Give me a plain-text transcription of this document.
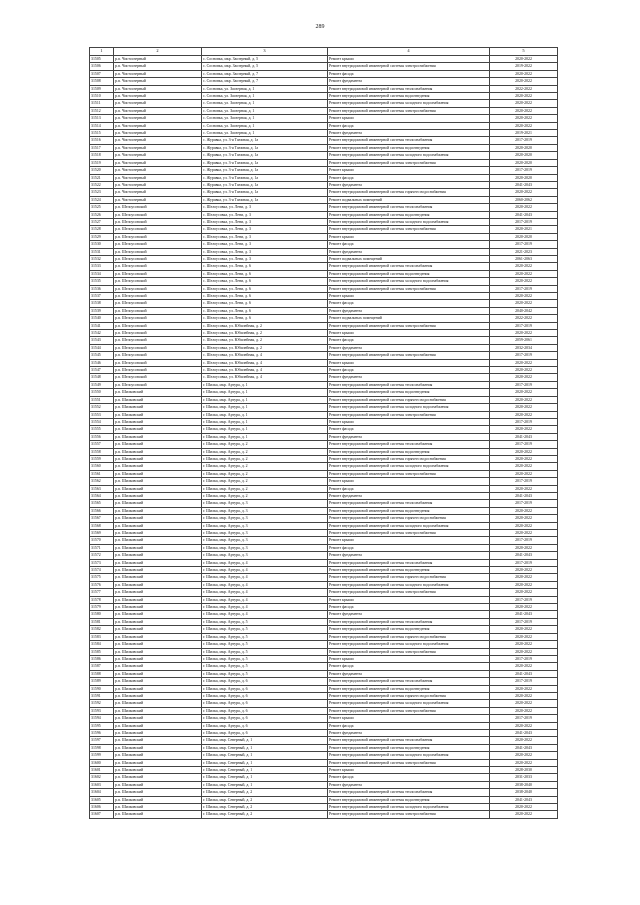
289
1	2	3	4	5
31505	р.п. Чистоозерный	с. Сосновка, мкр. Заозерный, д. 5	Ремонт крыши	2020-2022
31506	р.п. Чистоозерный	с. Сосновка, мкр. Заозерный, д. 5	Ремонт внутридомовой инженерной системы электроснабжения	2019-2022
31507	р.п. Чистоозерный	с. Сосновка, мкр. Заозерный, д. 7	Ремонт фасада	2020-2022
31508	р.п. Чистоозерный	с. Сосновка, мкр. Заозерный, д. 7	Ремонт фундамента	2020-2022
31509	р.п. Чистоозерный	с. Сосновка, ул. Заозерная, д. 1	Ремонт внутридомовой инженерной системы теплоснабжения	2022-2022
31510	р.п. Чистоозерный	с. Сосновка, ул. Заозерная, д. 1	Ремонт внутридомовой инженерной системы водоотведения	2020-2022
31511	р.п. Чистоозерный	с. Сосновка, ул. Заозерная, д. 1	Ремонт внутридомовой инженерной системы холодного водоснабжения	2020-2022
31512	р.п. Чистоозерный	с. Сосновка, ул. Заозерная, д. 1	Ремонт внутридомовой инженерной системы электроснабжения	2020-2022
31513	р.п. Чистоозерный	с. Сосновка, ул. Заозерная, д. 1	Ремонт крыши	2020-2022
31514	р.п. Чистоозерный	с. Сосновка, ул. Заозерная, д. 1	Ремонт фасада	2020-2022
31515	р.п. Чистоозерный	с. Сосновка, ул. Заозерная, д. 1	Ремонт фундамента	2019-2021
31516	р.п. Чистоозерный	с. Журавка, ул. 3-я Таежная, д. 1а	Ремонт внутридомовой инженерной системы теплоснабжения	2017-2019
31517	р.п. Чистоозерный	с. Журавка, ул. 3-я Таежная, д. 1а	Ремонт внутридомовой инженерной системы водоотведения	2020-2020
31518	р.п. Чистоозерный	с. Журавка, ул. 3-я Таежная, д. 1а	Ремонт внутридомовой инженерной системы холодного водоснабжения	2020-2020
31519	р.п. Чистоозерный	с. Журавка, ул. 3-я Таежная, д. 1а	Ремонт внутридомовой инженерной системы электроснабжения	2020-2020
31520	р.п. Чистоозерный	с. Журавка, ул. 3-я Таежная, д. 1а	Ремонт крыши	2017-2019
31521	р.п. Чистоозерный	с. Журавка, ул. 3-я Таежная, д. 1а	Ремонт фасада	2020-2020
31522	р.п. Чистоозерный	с. Журавка, ул. 3-я Таежная, д. 1а	Ремонт фундамента	2041-2043
31523	р.п. Чистоозерный	с. Журавка, ул. 3-я Таежная, д. 1а	Ремонт внутридомовой инженерной системы горячего водоснабжения	2020-2022
31524	р.п. Чистоозерный	с. Журавка, ул. 3-я Таежная, д. 1а	Ремонт подвальных помещений	2060-2062
31525	р.п. Шелоусовский	с. Шелоусовка, ул. Лени, д. 3	Ремонт внутридомовой инженерной системы теплоснабжения	2020-2022
31526	р.п. Шелоусовский	с. Шелоусовка, ул. Лени, д. 3	Ремонт внутридомовой инженерной системы водоотведения	2041-2043
31527	р.п. Шелоусовский	с. Шелоусовка, ул. Лени, д. 3	Ремонт внутридомовой инженерной системы холодного водоснабжения	2017-2019
31528	р.п. Шелоусовский	с. Шелоусовка, ул. Лени, д. 3	Ремонт внутридомовой инженерной системы электроснабжения	2020-2021
31529	р.п. Шелоусовский	с. Шелоусовка, ул. Лени, д. 3	Ремонт крыши	2020-2020
31530	р.п. Шелоусовский	с. Шелоусовка, ул. Лени, д. 3	Ремонт фасада	2017-2019
31531	р.п. Шелоусовский	с. Шелоусовка, ул. Лени, д. 3	Ремонт фундамента	2021-2023
31532	р.п. Шелоусовский	с. Шелоусовка, ул. Лени, д. 3	Ремонт подвальных помещений	2061-2063
31533	р.п. Шелоусовский	с. Шелоусовка, ул. Лени, д. 6	Ремонт внутридомовой инженерной системы теплоснабжения	2020-2022
31534	р.п. Шелоусовский	с. Шелоусовка, ул. Лени, д. 6	Ремонт внутридомовой инженерной системы водоотведения	2020-2022
31535	р.п. Шелоусовский	с. Шелоусовка, ул. Лени, д. 6	Ремонт внутридомовой инженерной системы холодного водоснабжения	2020-2022
31536	р.п. Шелоусовский	с. Шелоусовка, ул. Лени, д. 6	Ремонт внутридомовой инженерной системы электроснабжения	2017-2019
31537	р.п. Шелоусовский	с. Шелоусовка, ул. Лени, д. 6	Ремонт крыши	2020-2022
31538	р.п. Шелоусовский	с. Шелоусовка, ул. Лени, д. 6	Ремонт фасада	2020-2022
31539	р.п. Шелоусовский	с. Шелоусовка, ул. Лени, д. 6	Ремонт фундамента	2040-2042
31540	р.п. Шелоусовский	с. Шелоусовка, ул. Лени, д. 6	Ремонт подвальных помещений	2022-2022
31541	р.п. Шелоусовский	с. Шелоусовка, ул. Юбилейная, д. 2	Ремонт внутридомовой инженерной системы электроснабжения	2017-2019
31542	р.п. Шелоусовский	с. Шелоусовка, ул. Юбилейная, д. 2	Ремонт крыши	2020-2022
31543	р.п. Шелоусовский	с. Шелоусовка, ул. Юбилейная, д. 2	Ремонт фасада	2059-2061
31544	р.п. Шелоусовский	с. Шелоусовка, ул. Юбилейная, д. 2	Ремонт фундамента	2032-2034
31545	р.п. Шелоусовский	с. Шелоусовка, ул. Юбилейная, д. 4	Ремонт внутридомовой инженерной системы электроснабжения	2017-2019
31546	р.п. Шелоусовский	с. Шелоусовка, ул. Юбилейная, д. 4	Ремонт крыши	2020-2022
31547	р.п. Шелоусовский	с. Шелоусовка, ул. Юбилейная, д. 4	Ремонт фасада	2020-2022
31548	р.п. Шелоусовский	с. Шелоусовка, ул. Юбилейная, д. 4	Ремонт фундамента	2020-2022
31549	р.п. Шелоусовский	г. Шилка, мкр. Артура, д. 1	Ремонт внутридомовой инженерной системы теплоснабжения	2017-2019
31550	р.п. Шилковский	г. Шилка, мкр. Артура, д. 1	Ремонт внутридомовой инженерной системы водоотведения	2020-2022
31551	р.п. Шилковский	г. Шилка, мкр. Артура, д. 1	Ремонт внутридомовой инженерной системы горячего водоснабжения	2020-2022
31552	р.п. Шилковский	г. Шилка, мкр. Артура, д. 1	Ремонт внутридомовой инженерной системы холодного водоснабжения	2020-2022
31553	р.п. Шилковский	г. Шилка, мкр. Артура, д. 1	Ремонт внутридомовой инженерной системы электроснабжения	2020-2022
31554	р.п. Шилковский	г. Шилка, мкр. Артура, д. 1	Ремонт крыши	2017-2019
31555	р.п. Шилковский	г. Шилка, мкр. Артура, д. 1	Ремонт фасада	2020-2022
31556	р.п. Шилковский	г. Шилка, мкр. Артура, д. 1	Ремонт фундамента	2041-2043
31557	р.п. Шилковский	г. Шилка, мкр. Артура, д. 2	Ремонт внутридомовой инженерной системы теплоснабжения	2017-2019
31558	р.п. Шилковский	г. Шилка, мкр. Артура, д. 2	Ремонт внутридомовой инженерной системы водоотведения	2020-2022
31559	р.п. Шилковский	г. Шилка, мкр. Артура, д. 2	Ремонт внутридомовой инженерной системы горячего водоснабжения	2020-2022
31560	р.п. Шилковский	г. Шилка, мкр. Артура, д. 2	Ремонт внутридомовой инженерной системы холодного водоснабжения	2020-2022
31561	р.п. Шилковский	г. Шилка, мкр. Артура, д. 2	Ремонт внутридомовой инженерной системы электроснабжения	2020-2022
31562	р.п. Шилковский	г. Шилка, мкр. Артура, д. 2	Ремонт крыши	2017-2019
31563	р.п. Шилковский	г. Шилка, мкр. Артура, д. 2	Ремонт фасада	2020-2022
31564	р.п. Шилковский	г. Шилка, мкр. Артура, д. 2	Ремонт фундамента	2041-2043
31565	р.п. Шилковский	г. Шилка, мкр. Артура, д. 3	Ремонт внутридомовой инженерной системы теплоснабжения	2017-2019
31566	р.п. Шилковский	г. Шилка, мкр. Артура, д. 3	Ремонт внутридомовой инженерной системы водоотведения	2020-2022
31567	р.п. Шилковский	г. Шилка, мкр. Артура, д. 3	Ремонт внутридомовой инженерной системы горячего водоснабжения	2020-2022
31568	р.п. Шилковский	г. Шилка, мкр. Артура, д. 3	Ремонт внутридомовой инженерной системы холодного водоснабжения	2020-2022
31569	р.п. Шилковский	г. Шилка, мкр. Артура, д. 3	Ремонт внутридомовой инженерной системы электроснабжения	2020-2022
31570	р.п. Шилковский	г. Шилка, мкр. Артура, д. 3	Ремонт крыши	2017-2019
31571	р.п. Шилковский	г. Шилка, мкр. Артура, д. 3	Ремонт фасада	2020-2022
31572	р.п. Шилковский	г. Шилка, мкр. Артура, д. 3	Ремонт фундамента	2041-2043
31573	р.п. Шилковский	г. Шилка, мкр. Артура, д. 4	Ремонт внутридомовой инженерной системы теплоснабжения	2017-2019
31574	р.п. Шилковский	г. Шилка, мкр. Артура, д. 4	Ремонт внутридомовой инженерной системы водоотведения	2020-2022
31575	р.п. Шилковский	г. Шилка, мкр. Артура, д. 4	Ремонт внутридомовой инженерной системы горячего водоснабжения	2020-2022
31576	р.п. Шилковский	г. Шилка, мкр. Артура, д. 4	Ремонт внутридомовой инженерной системы холодного водоснабжения	2020-2022
31577	р.п. Шилковский	г. Шилка, мкр. Артура, д. 4	Ремонт внутридомовой инженерной системы электроснабжения	2020-2022
31578	р.п. Шилковский	г. Шилка, мкр. Артура, д. 4	Ремонт крыши	2017-2019
31579	р.п. Шилковский	г. Шилка, мкр. Артура, д. 4	Ремонт фасада	2020-2022
31580	р.п. Шилковский	г. Шилка, мкр. Артура, д. 4	Ремонт фундамента	2041-2043
31581	р.п. Шилковский	г. Шилка, мкр. Артура, д. 5	Ремонт внутридомовой инженерной системы теплоснабжения	2017-2019
31582	р.п. Шилковский	г. Шилка, мкр. Артура, д. 5	Ремонт внутридомовой инженерной системы водоотведения	2020-2022
31583	р.п. Шилковский	г. Шилка, мкр. Артура, д. 5	Ремонт внутридомовой инженерной системы горячего водоснабжения	2020-2022
31584	р.п. Шилковский	г. Шилка, мкр. Артура, д. 5	Ремонт внутридомовой инженерной системы холодного водоснабжения	2020-2022
31585	р.п. Шилковский	г. Шилка, мкр. Артура, д. 5	Ремонт внутридомовой инженерной системы электроснабжения	2020-2022
31586	р.п. Шилковский	г. Шилка, мкр. Артура, д. 5	Ремонт крыши	2017-2019
31587	р.п. Шилковский	г. Шилка, мкр. Артура, д. 5	Ремонт фасада	2020-2022
31588	р.п. Шилковский	г. Шилка, мкр. Артура, д. 5	Ремонт фундамента	2041-2043
31589	р.п. Шилковский	г. Шилка, мкр. Артура, д. 6	Ремонт внутридомовой инженерной системы теплоснабжения	2017-2019
31590	р.п. Шилковский	г. Шилка, мкр. Артура, д. 6	Ремонт внутридомовой инженерной системы водоотведения	2020-2022
31591	р.п. Шилковский	г. Шилка, мкр. Артура, д. 6	Ремонт внутридомовой инженерной системы горячего водоснабжения	2020-2022
31592	р.п. Шилковский	г. Шилка, мкр. Артура, д. 6	Ремонт внутридомовой инженерной системы холодного водоснабжения	2020-2022
31593	р.п. Шилковский	г. Шилка, мкр. Артура, д. 6	Ремонт внутридомовой инженерной системы электроснабжения	2020-2022
31594	р.п. Шилковский	г. Шилка, мкр. Артура, д. 6	Ремонт крыши	2017-2019
31595	р.п. Шилковский	г. Шилка, мкр. Артура, д. 6	Ремонт фасада	2020-2022
31596	р.п. Шилковский	г. Шилка, мкр. Артура, д. 6	Ремонт фундамента	2041-2043
31597	р.п. Шилковский	г. Шилка, мкр. Северный, д. 1	Ремонт внутридомовой инженерной системы теплоснабжения	2020-2022
31598	р.п. Шилковский	г. Шилка, мкр. Северный, д. 1	Ремонт внутридомовой инженерной системы водоотведения	2041-2043
31599	р.п. Шилковский	г. Шилка, мкр. Северный, д. 1	Ремонт внутридомовой инженерной системы холодного водоснабжения	2020-2022
31600	р.п. Шилковский	г. Шилка, мкр. Северный, д. 1	Ремонт внутридомовой инженерной системы электроснабжения	2020-2022
31601	р.п. Шилковский	г. Шилка, мкр. Северный, д. 1	Ремонт крыши	2028-2030
31602	р.п. Шилковский	г. Шилка, мкр. Северный, д. 1	Ремонт фасада	2031-2033
31603	р.п. Шилковский	г. Шилка, мкр. Северный, д. 1	Ремонт фундамента	2038-2040
31604	р.п. Шилковский	г. Шилка, мкр. Северный, д. 2	Ремонт внутридомовой инженерной системы теплоснабжения	2038-2040
31605	р.п. Шилковский	г. Шилка, мкр. Северный, д. 2	Ремонт внутридомовой инженерной системы водоотведения	2041-2043
31606	р.п. Шилковский	г. Шилка, мкр. Северный, д. 2	Ремонт внутридомовой инженерной системы холодного водоснабжения	2020-2022
31607	р.п. Шилковский	г. Шилка, мкр. Северный, д. 2	Ремонт внутридомовой инженерной системы электроснабжения	2020-2022
